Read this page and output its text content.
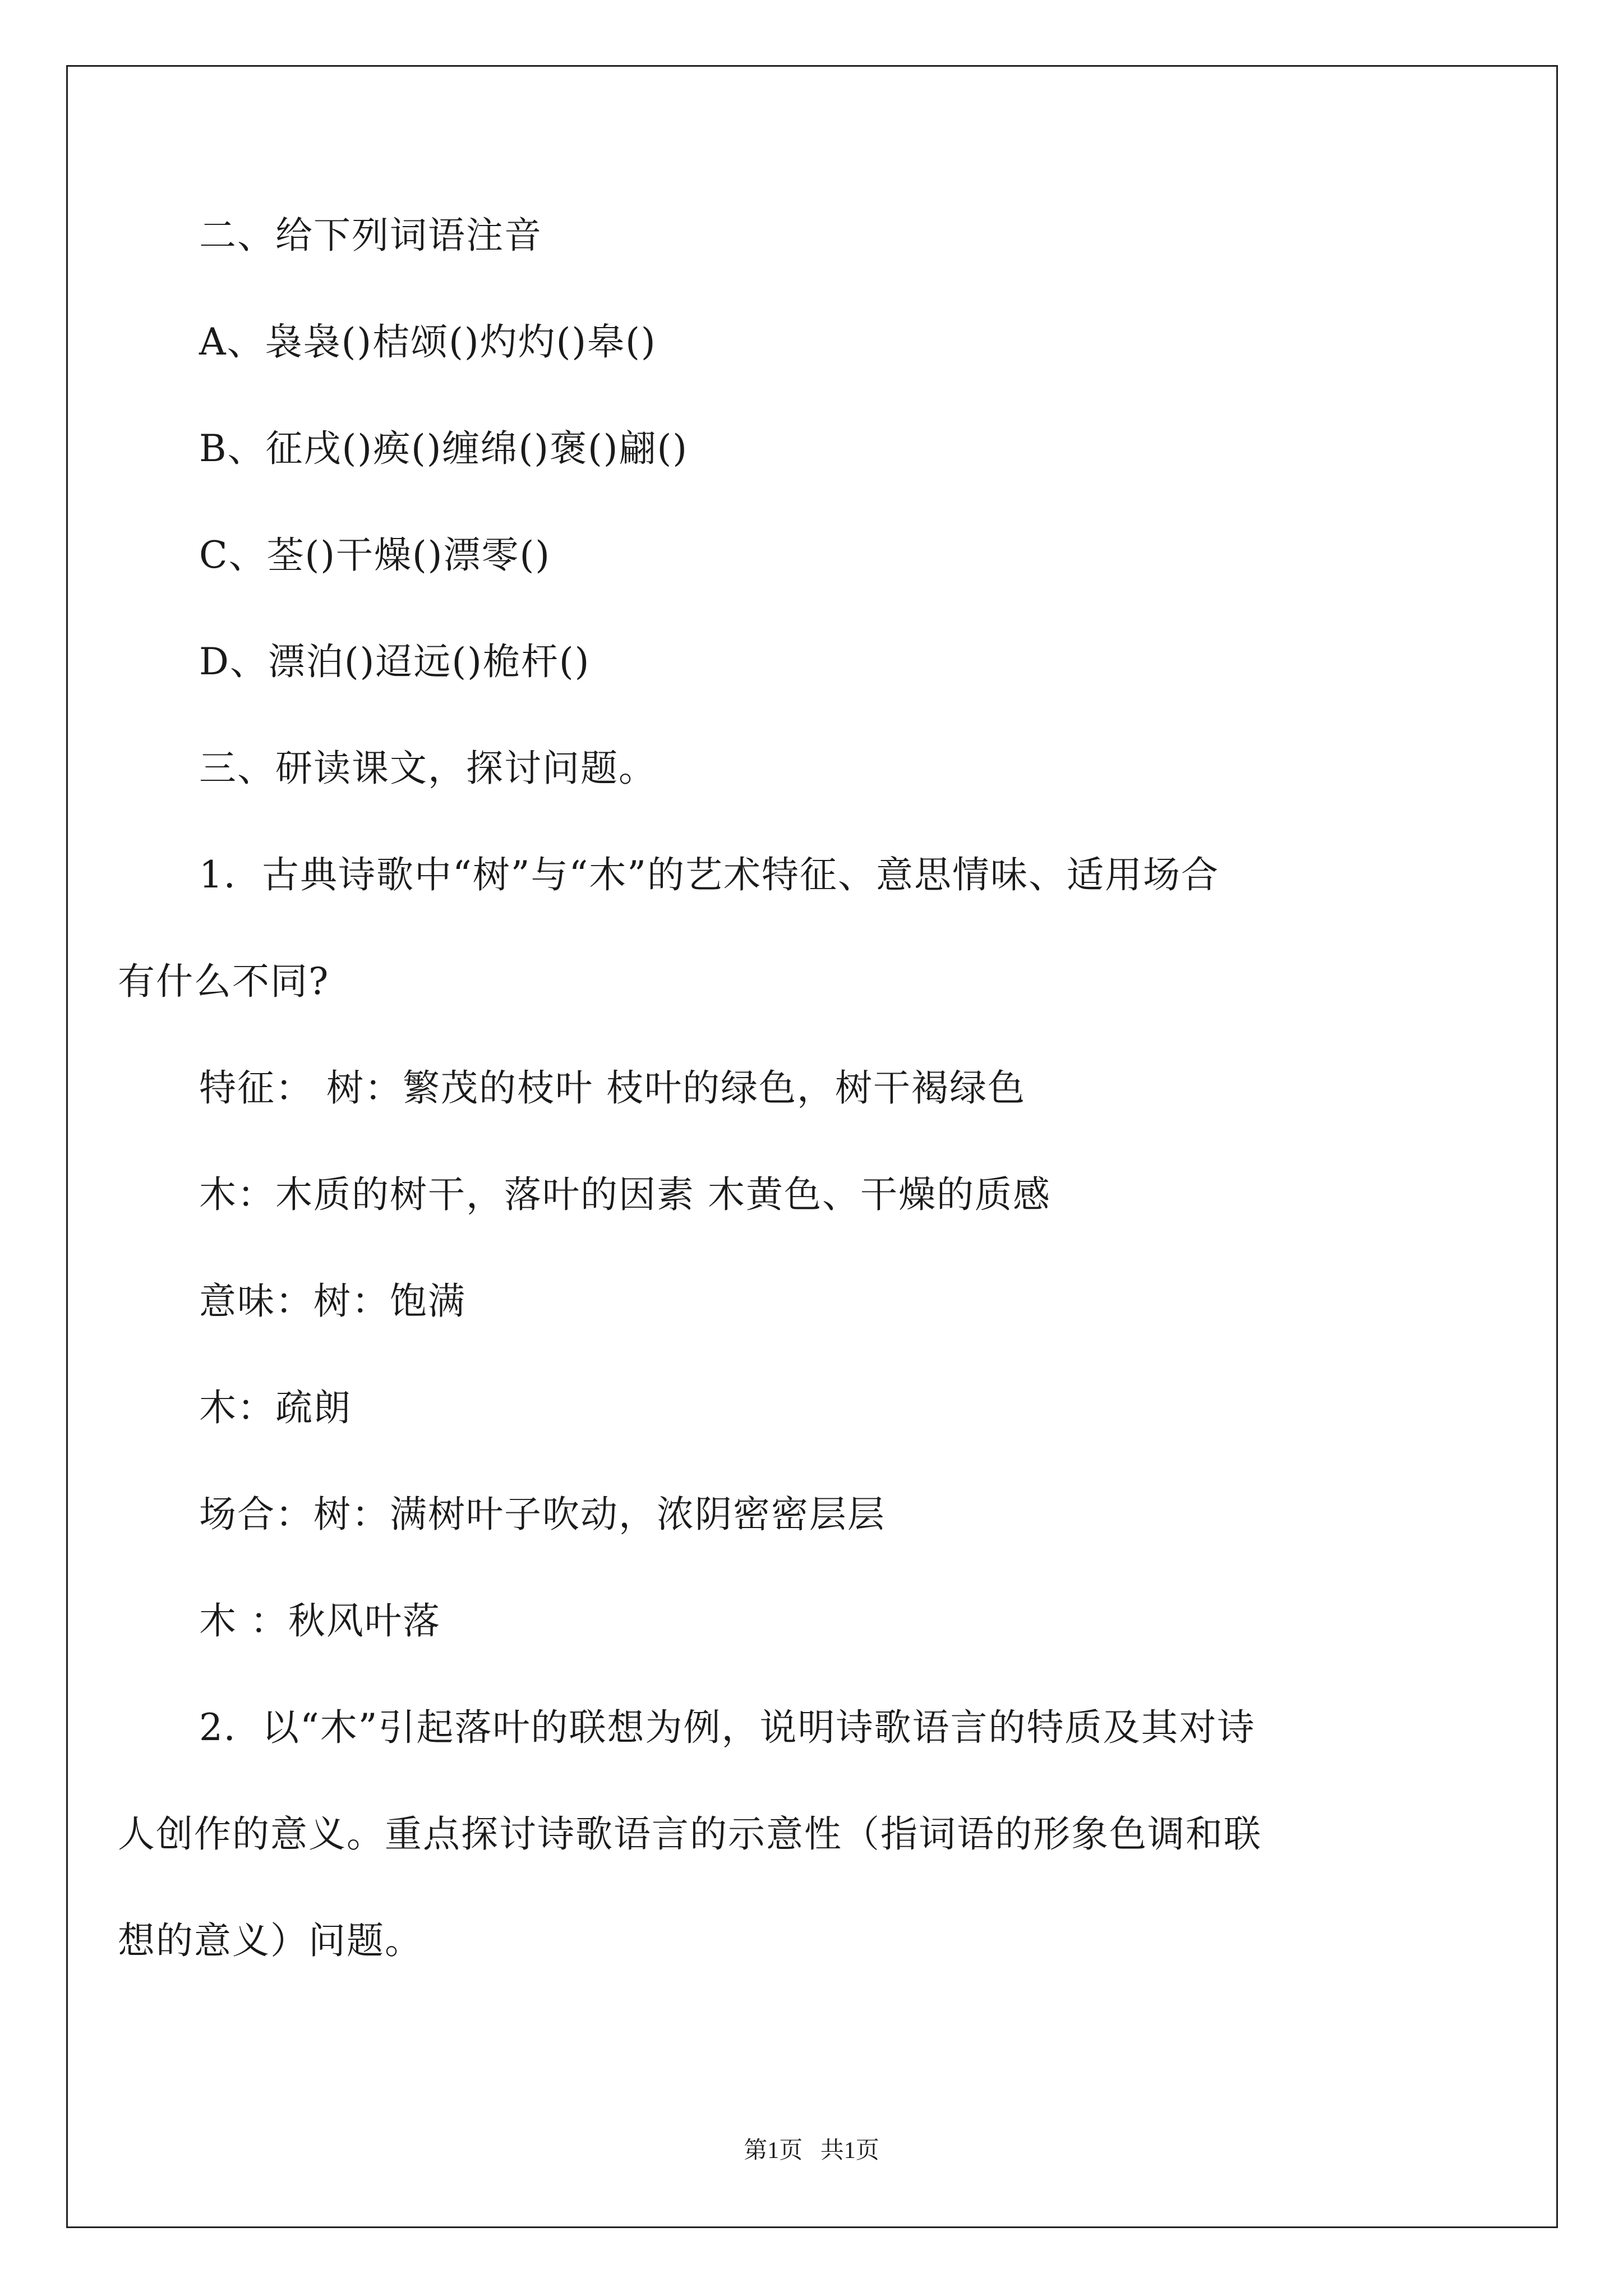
二、给下列词语注音
A、袅袅()桔颂()灼灼()皋()
B、征戌()痪()缠绵()褒()翩()
C、荃()干燥()漂零()
D、漂泊()迢远()桅杆()
三、研读课文，探讨问题。
1．古典诗歌中“树”与“木”的艺术特征、意思情味、适用场合
有什么不同?
特征： 树：繁茂的枝叶 枝叶的绿色，树干褐绿色
木：木质的树干，落叶的因素 木黄色、干燥的质感
意味：树：饱满
木：疏朗
场合：树：满树叶子吹动，浓阴密密层层
木 ：秋风叶落
2．以“木”引起落叶的联想为例，说明诗歌语言的特质及其对诗
人创作的意义。重点探讨诗歌语言的示意性（指词语的形象色调和联
想的意义）问题。
第1页   共1页
